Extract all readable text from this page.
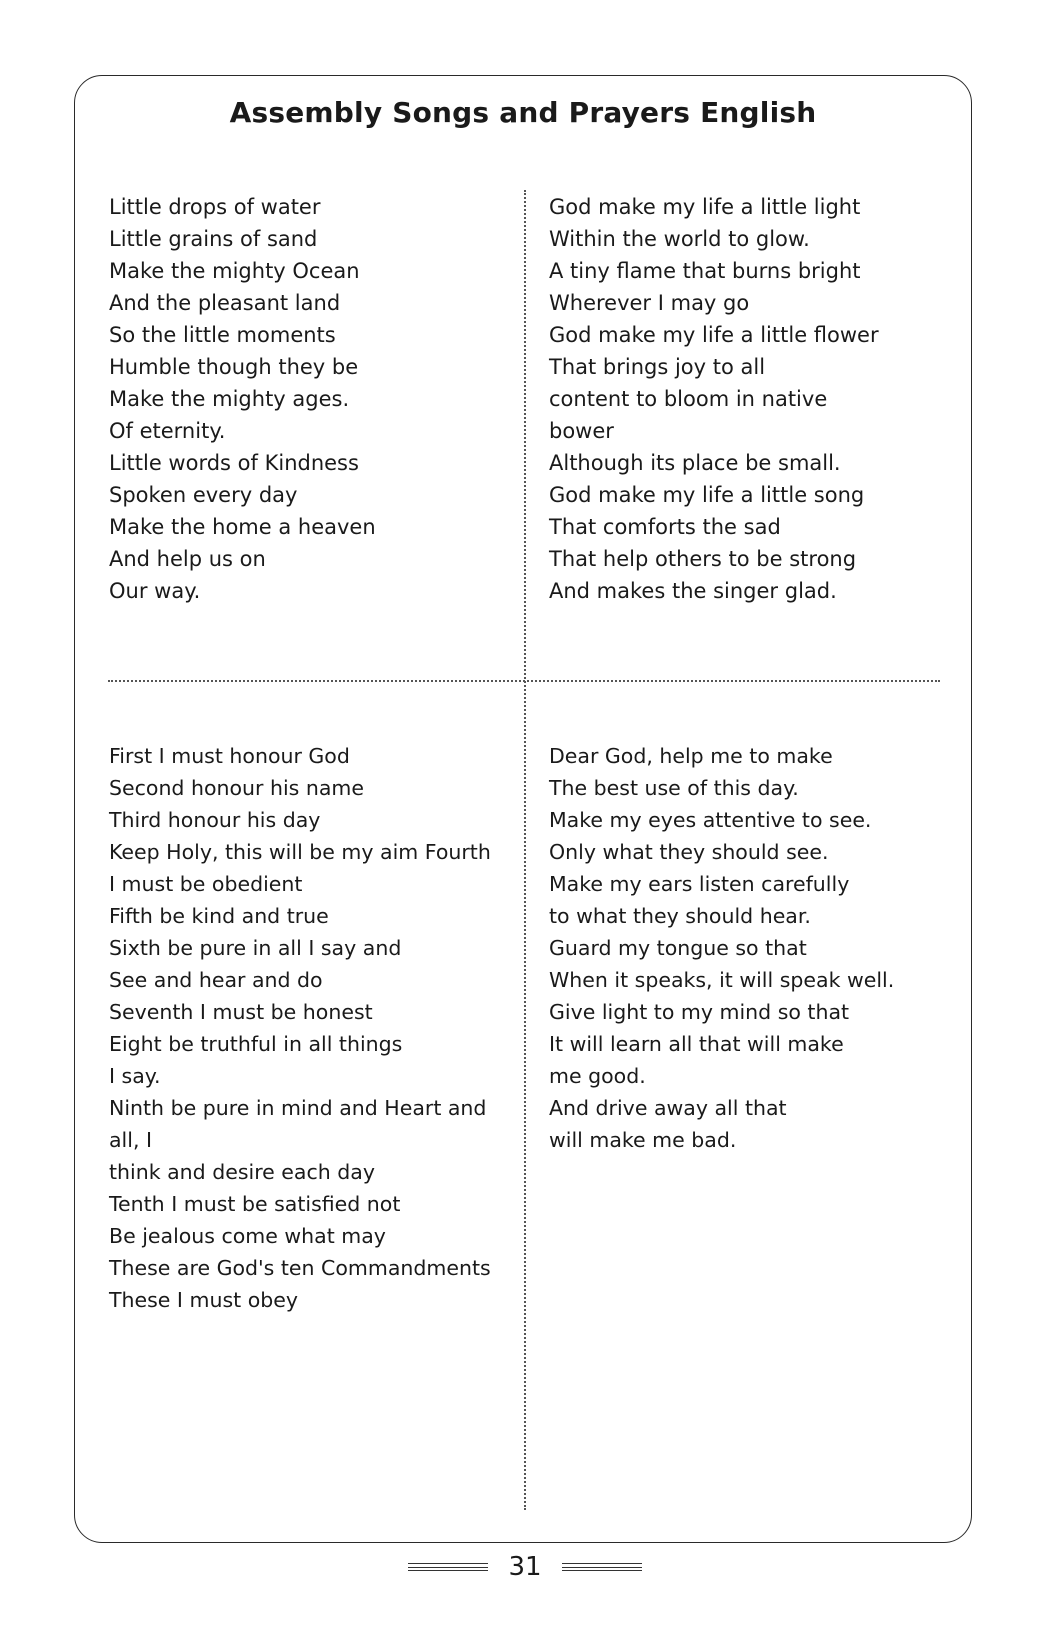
Assembly Songs and Prayers English
Little drops of water
Little grains of sand
Make the mighty Ocean
And the pleasant land
So the little moments
Humble though they be
Make the mighty ages.
Of eternity.
Little words of Kindness
Spoken every day
Make the home a heaven
And help us on
Our way.
God make my life a little light
Within the world to glow.
A tiny flame that burns bright
Wherever I may go
God make my life a little flower
That brings joy to all
content to bloom in native
bower
Although its place be small.
God make my life a little song
That comforts the sad
That help others to be strong
And makes the singer glad.
First I must honour God
Second honour his name
Third honour his day
Keep Holy, this will be my aim Fourth
I must be obedient
Fifth be kind and true
Sixth be pure in all I say and
See and hear and do
Seventh I must be honest
Eight be truthful in all things
I say.
Ninth be pure in mind and Heart and
all, I
think and desire each day
Tenth I must be satisfied not
Be jealous come what may
These are God's ten Commandments
These I must obey
Dear God, help me to make
The best use of this day.
Make my eyes attentive to see.
Only what they should see.
Make my ears listen carefully
to what they should hear.
Guard my tongue so that
When it speaks, it will speak well.
Give light to my mind so that
It will learn all that will make
me good.
And drive away all that
will make me bad.
31
